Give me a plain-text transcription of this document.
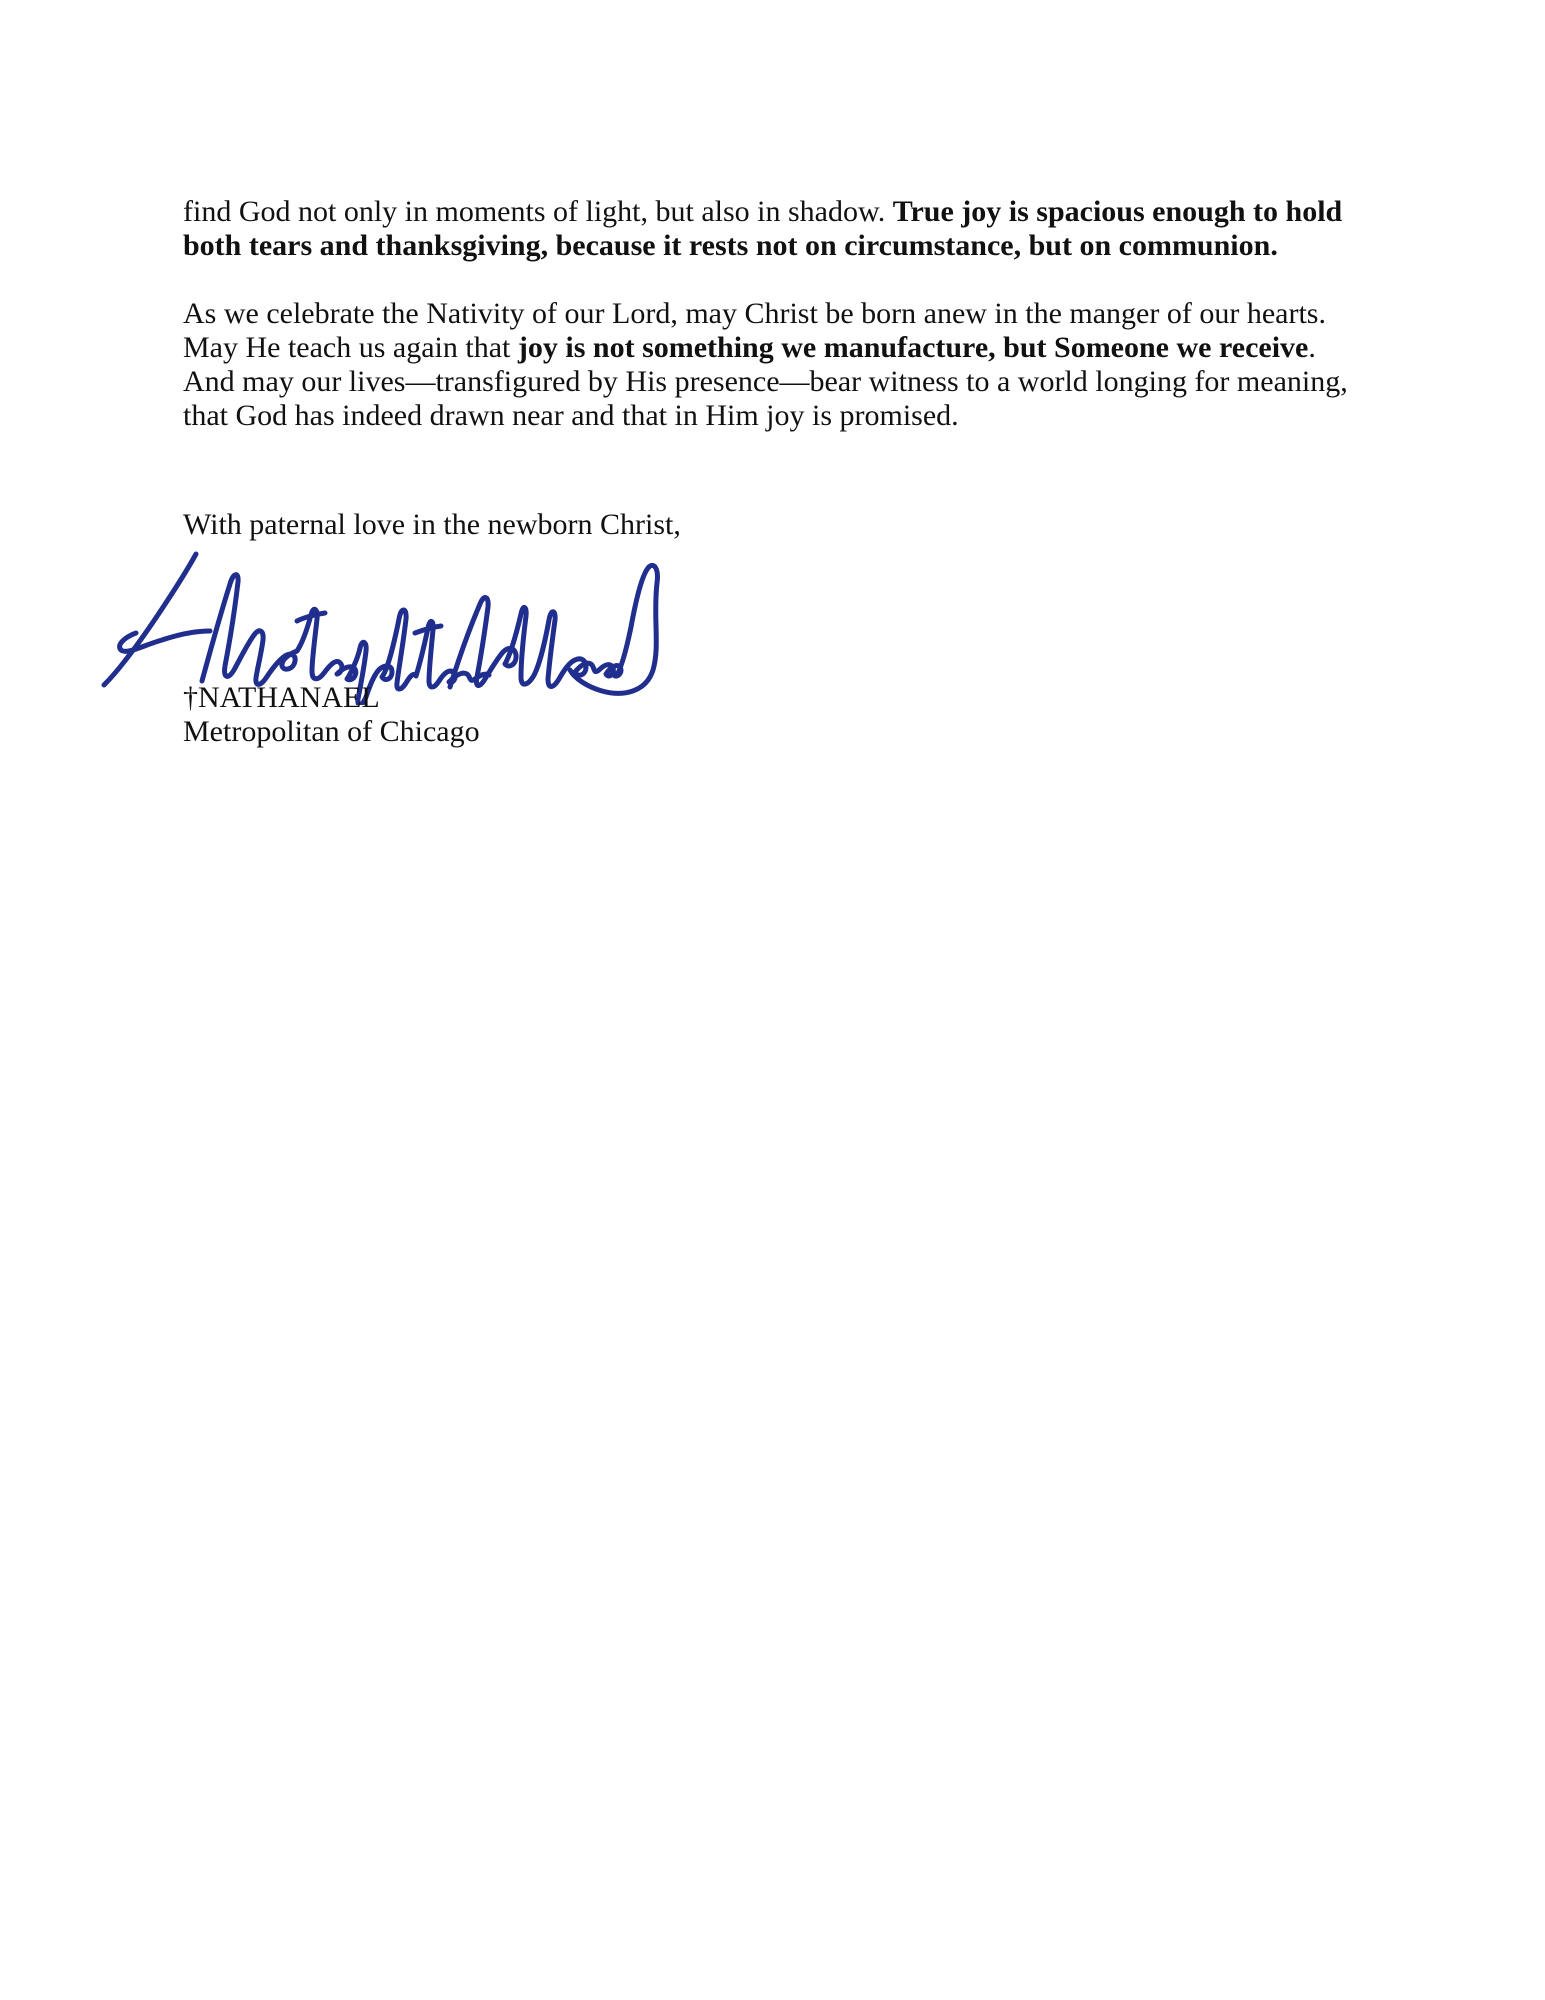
find God not only in moments of light, but also in shadow. True joy is spacious enough to hold
both tears and thanksgiving, because it rests not on circumstance, but on communion.
As we celebrate the Nativity of our Lord, may Christ be born anew in the manger of our hearts.
May He teach us again that joy is not something we manufacture, but Someone we receive.
And may our lives—transfigured by His presence—bear witness to a world longing for meaning,
that God has indeed drawn near and that in Him joy is promised.
With paternal love in the newborn Christ,
†NATHANAEL
Metropolitan of Chicago
